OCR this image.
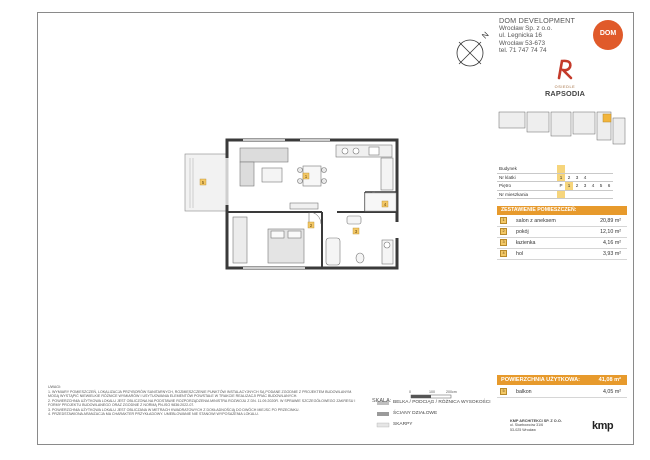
N
1
2
3
4
5
DOM DEVELOPMENT
Wrocław Sp. z o.o.
ul. Legnicka 16
Wrocław 53-673
tel. 71 747 74 74
DOM
OSIEDLE
RAPSODIA
Budynek							
Nr klatki	1	2	3	4			
Piętro	P	1	2	3	4	5	6
Nr mieszkania							
ZESTAWIENIE POMIESZCZEŃ:
1	salon z aneksem	20,89 m²
2	pokój	12,10 m²
3	łazienka	4,16 m²
4	hol	3,93 m²
POWIERZCHNIA UŻYTKOWA:	41,08 m²
5	balkon	4,05 m²
UWAGI:
1. WYMIARY POMIESZCZEŃ, LOKALIZACJA PRZYBORÓW SANITARNYCH, ROZMIESZCZENIE PUNKTÓW INSTALACYJNYCH SĄ PODANE ZGODNIE Z PROJEKTEM BUDOWLANYM. MOGĄ WYSTĄPIĆ NIEWIELKIE RÓŻNICE WYMIARÓW I USYTUOWANIA ELEMENTÓW POWSTAŁE W TRAKCIE REALIZACJI PRAC BUDOWLANYCH.
2. POWIERZCHNIA UŻYTKOWA LOKALU JEST OBLICZONA NA PODSTAWIE ROZPORZĄDZENIA MINISTRA ROZWOJU Z DN. 11.09.2020R. W SPRAWIE SZCZEGÓŁOWEGO ZAKRESU I FORMY PROJEKTU BUDOWLANEGO ORAZ ZGODNIE Z NORMĄ PN-ISO 9836:2022-07.
3. POWIERZCHNIA UŻYTKOWA LOKALU JEST OBLICZANA W METRACH KWADRATOWYCH Z DOKŁADNOŚCIĄ DO DWÓCH MIEJSC PO PRZECINKU.
4. PRZEDSTAWIONA ARANŻACJA MA CHARAKTER PRZYKŁADOWY. UMEBLOWANIE NIE STANOWI WYPOSAŻENIA LOKALU.
SKALA:
0	100	200cm
BELKA / PODCIĄG / RÓŻNICA WYSOKOŚCI
ŚCIANY DZIAŁOWE
SKARPY
KMP ARCHITEKCI SP. Z O.O.
ul. Skarbowców 31/6
53-025 Wrocław	kmp
